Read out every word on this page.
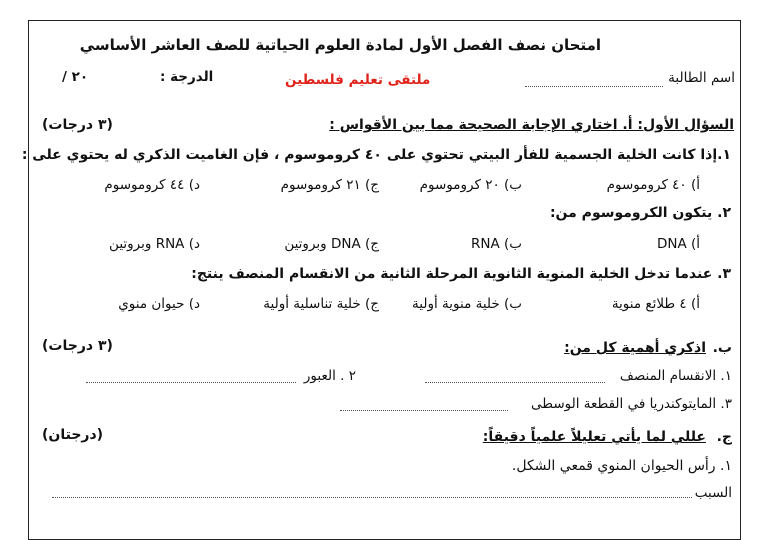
امتحان نصف الفصل الأول لمادة العلوم الحياتية للصف العاشر الأساسي
اسم الطالبة
ملتقى تعليم فلسطين
الدرجة :
٢٠ /
السؤال الأول: أ. اختاري الإجابة الصحيحة مما بين الأقواس :
(٣ درجات)
١.إذا كانت الخلية الجسمية للفأر البيتي تحتوي على ٤٠ كروموسوم ، فإن الغاميت الذكري له يحتوي على :
أ) ٤٠ كروموسوم
ب) ٢٠ كروموسوم
ج) ٢١ كروموسوم
د) ٤٤ كروموسوم
٢. يتكون الكروموسوم من:
أ) DNA
ب) RNA
ج) DNA وبروتين
د) RNA وبروتين
٣. عندما تدخل الخلية المنوية الثانوية المرحلة الثانية من الانقسام المنصف ينتج:
أ) ٤ طلائع منوية
ب) خلية منوية أولية
ج) خلية تناسلية أولية
د) حيوان منوي
ب.
اذكري أهمية كل من:
(٣ درجات)
١. الانقسام المنصف
٢ . العبور
٣. المايتوكندريا في القطعة الوسطى
ج.
عللي لما يأتي تعليلاً علمياً دقيقاً:
(درجتان)
١. رأس الحيوان المنوي قمعي الشكل.
السبب
